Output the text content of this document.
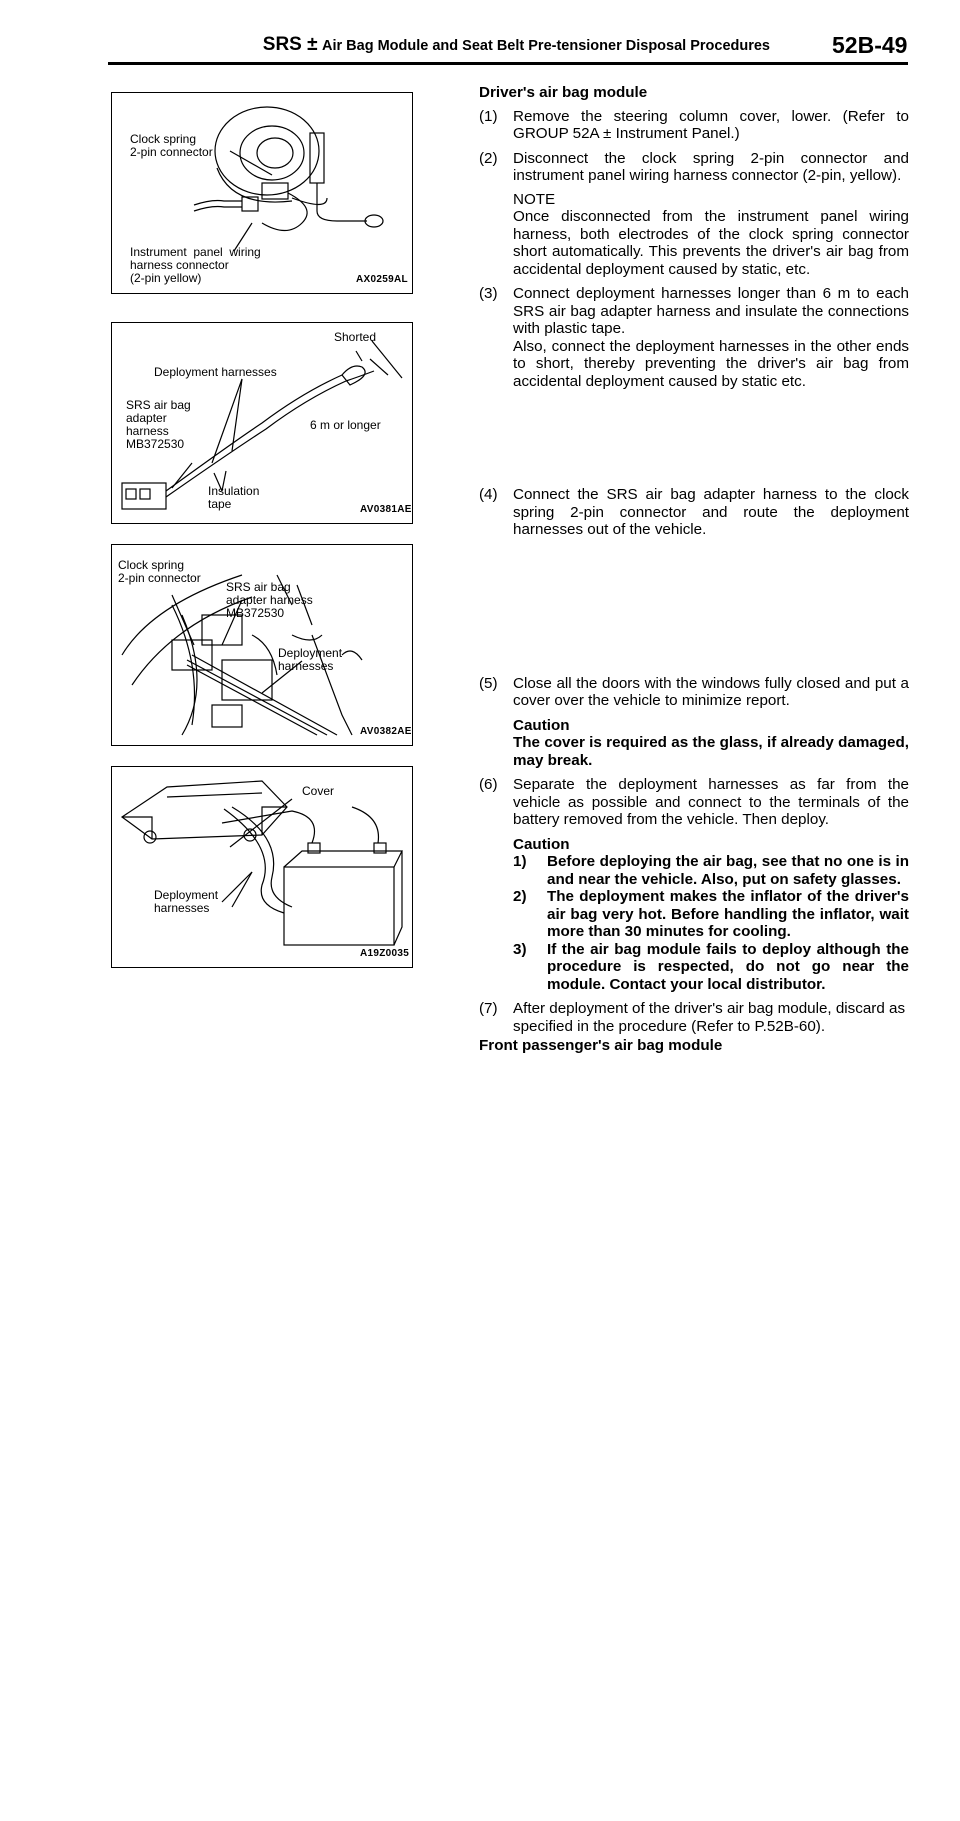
SRS ± Air Bag Module and Seat Belt Pre-tensioner Disposal Procedures	52B-49
Clock spring
2-pin connector
Instrument  panel  wiring
harness connector
(2-pin yellow)	AX0259AL
Shorted
Deployment harnesses
SRS air bag
adapter
harness
MB372530
6 m or longer
Insulation
tape	AV0381AE
Clock spring
2-pin connector
SRS air bag
adapter harness
MB372530
Deployment
harnesses
AV0382AE
Cover
Deployment
harnesses
A19Z0035
Driver's air bag module
(1) Remove the steering column cover, lower. (Refer to GROUP 52A ± Instrument Panel.)
(2) Disconnect the clock spring 2-pin connector and instrument panel wiring harness connector (2-pin, yellow).
NOTE
Once disconnected from the instrument panel wiring harness, both electrodes of the clock spring connector short automatically. This prevents the driver's air bag from accidental deployment caused by static, etc.
(3) Connect deployment harnesses longer than 6 m to each SRS air bag adapter harness and insulate the connections with plastic tape.
Also, connect the deployment harnesses in the other ends to short, thereby preventing the driver's air bag from accidental deployment caused by static etc.
(4) Connect the SRS air bag adapter harness to the clock spring 2-pin connector and route the deployment harnesses out of the vehicle.
(5) Close all the doors with the windows fully closed and put a cover over the vehicle to minimize report.
Caution
The cover is required as the glass, if already damaged, may break.
(6) Separate the deployment harnesses as far from the vehicle as possible and connect to the terminals of the battery removed from the vehicle. Then deploy.
Caution
1) Before deploying the air bag, see that no one is in and near the vehicle. Also, put on safety glasses.
2) The deployment makes the inflator of the driver's air bag very hot. Before handling the inflator, wait more than 30 minutes for cooling.
3) If the air bag module fails to deploy although the procedure is respected, do not go near the module. Contact your local distributor.
(7) After deployment of the driver's air bag module, discard as specified in the procedure (Refer to P.52B-60).
Front passenger's air bag module
